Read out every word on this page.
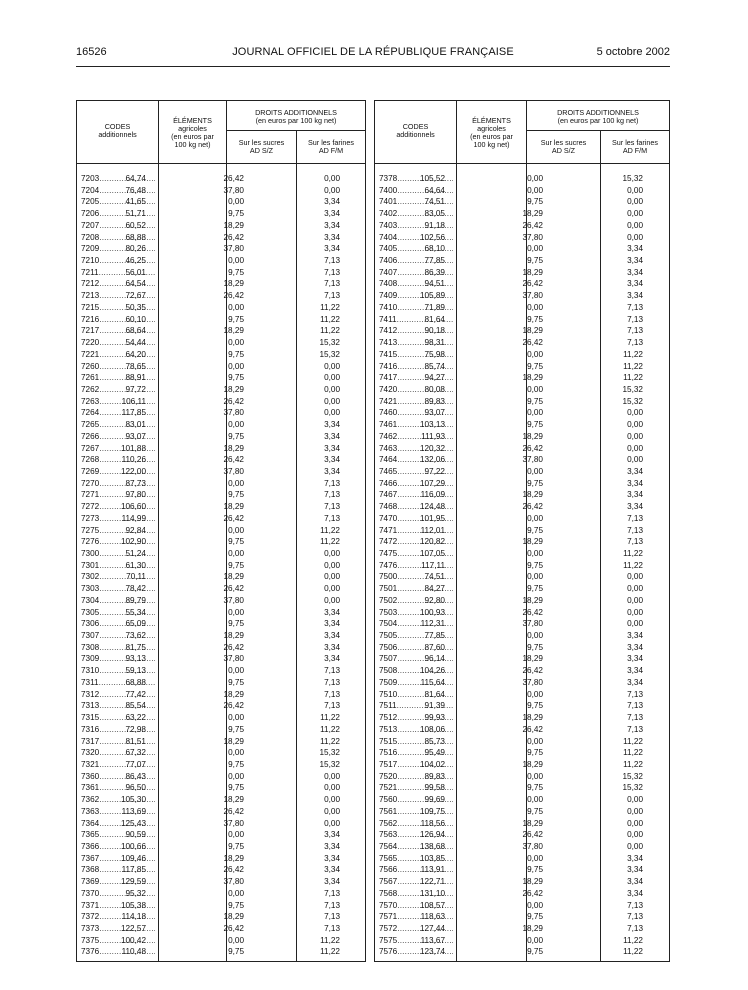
16526	JOURNAL OFFICIEL DE LA RÉPUBLIQUE FRANÇAISE	5 octobre 2002
CODES
additionnels
ÉLÉMENTS
agricoles
(en euros par
100 kg net)
DROITS ADDITIONNELS
(en euros par 100 kg net)
Sur les sucres
AD S/Z
Sur les farines
AD F/M
7203 .....	64,74	26,42	0,00
7204 .....	76,48	37,80	0,00
7205 .....	41,65	0,00	3,34
7206 .....	51,71	9,75	3,34
7207 .....	60,52	18,29	3,34
7208 .....	68,88	26,42	3,34
7209 .....	80,26	37,80	3,34
7210 .....	46,25	0,00	7,13
7211 .....	56,01	9,75	7,13
7212 .....	64,54	18,29	7,13
7213 .....	72,67	26,42	7,13
7215 .....	50,35	0,00	11,22
7216 .....	60,10	9,75	11,22
7217 .....	68,64	18,29	11,22
7220 .....	54,44	0,00	15,32
7221 .....	64,20	9,75	15,32
7260 .....	78,65	0,00	0,00
7261 .....	88,91	9,75	0,00
7262 .....	97,72	18,29	0,00
7263 .....	106,11	26,42	0,00
7264 .....	117,85	37,80	0,00
7265 .....	83,01	0,00	3,34
7266 .....	93,07	9,75	3,34
7267 .....	101,88	18,29	3,34
7268 .....	110,26	26,42	3,34
7269 .....	122,00	37,80	3,34
7270 .....	87,73	0,00	7,13
7271 .....	97,80	9,75	7,13
7272 .....	106,60	18,29	7,13
7273 .....	114,99	26,42	7,13
7275 .....	92,84	0,00	11,22
7276 .....	102,90	9,75	11,22
7300 .....	51,24	0,00	0,00
7301 .....	61,30	9,75	0,00
7302 .....	70,11	18,29	0,00
7303 .....	78,42	26,42	0,00
7304 .....	89,79	37,80	0,00
7305 .....	55,34	0,00	3,34
7306 .....	65,09	9,75	3,34
7307 .....	73,62	18,29	3,34
7308 .....	81,75	26,42	3,34
7309 .....	93,13	37,80	3,34
7310 .....	59,13	0,00	7,13
7311 .....	68,88	9,75	7,13
7312 .....	77,42	18,29	7,13
7313 .....	85,54	26,42	7,13
7315 .....	63,22	0,00	11,22
7316 .....	72,98	9,75	11,22
7317 .....	81,51	18,29	11,22
7320 .....	67,32	0,00	15,32
7321 .....	77,07	9,75	15,32
7360 .....	86,43	0,00	0,00
7361 .....	96,50	9,75	0,00
7362 .....	105,30	18,29	0,00
7363 .....	113,69	26,42	0,00
7364 .....	125,43	37,80	0,00
7365 .....	90,59	0,00	3,34
7366 .....	100,66	9,75	3,34
7367 .....	109,46	18,29	3,34
7368 .....	117,85	26,42	3,34
7369 .....	129,59	37,80	3,34
7370 .....	95,32	0,00	7,13
7371 .....	105,38	9,75	7,13
7372 .....	114,18	18,29	7,13
7373 .....	122,57	26,42	7,13
7375 .....	100,42	0,00	11,22
7376 .....	110,48	9,75	11,22
CODES
additionnels
ÉLÉMENTS
agricoles
(en euros par
100 kg net)
DROITS ADDITIONNELS
(en euros par 100 kg net)
Sur les sucres
AD S/Z
Sur les farines
AD F/M
7378 .....	105,52	0,00	15,32
7400 .....	64,64	0,00	0,00
7401 .....	74,51	9,75	0,00
7402 .....	83,05	18,29	0,00
7403 .....	91,18	26,42	0,00
7404 .....	102,56	37,80	0,00
7405 .....	68,10	0,00	3,34
7406 .....	77,85	9,75	3,34
7407 .....	86,39	18,29	3,34
7408 .....	94,51	26,42	3,34
7409 .....	105,89	37,80	3,34
7410 .....	71,89	0,00	7,13
7411 .....	81,64	9,75	7,13
7412 .....	90,18	18,29	7,13
7413 .....	98,31	26,42	7,13
7415 .....	75,98	0,00	11,22
7416 .....	85,74	9,75	11,22
7417 .....	94,27	18,29	11,22
7420 .....	80,08	0,00	15,32
7421 .....	89,83	9,75	15,32
7460 .....	93,07	0,00	0,00
7461 .....	103,13	9,75	0,00
7462 .....	111,93	18,29	0,00
7463 .....	120,32	26,42	0,00
7464 .....	132,06	37,80	0,00
7465 .....	97,22	0,00	3,34
7466 .....	107,29	9,75	3,34
7467 .....	116,09	18,29	3,34
7468 .....	124,48	26,42	3,34
7470 .....	101,95	0,00	7,13
7471 .....	112,01	9,75	7,13
7472 .....	120,82	18,29	7,13
7475 .....	107,05	0,00	11,22
7476 .....	117,11	9,75	11,22
7500 .....	74,51	0,00	0,00
7501 .....	84,27	9,75	0,00
7502 .....	92,80	18,29	0,00
7503 .....	100,93	26,42	0,00
7504 .....	112,31	37,80	0,00
7505 .....	77,85	0,00	3,34
7506 .....	87,60	9,75	3,34
7507 .....	96,14	18,29	3,34
7508 .....	104,26	26,42	3,34
7509 .....	115,64	37,80	3,34
7510 .....	81,64	0,00	7,13
7511 .....	91,39	9,75	7,13
7512 .....	99,93	18,29	7,13
7513 .....	108,06	26,42	7,13
7515 .....	85,73	0,00	11,22
7516 .....	95,49	9,75	11,22
7517 .....	104,02	18,29	11,22
7520 .....	89,83	0,00	15,32
7521 .....	99,58	9,75	15,32
7560 .....	99,69	0,00	0,00
7561 .....	109,75	9,75	0,00
7562 .....	118,56	18,29	0,00
7563 .....	126,94	26,42	0,00
7564 .....	138,68	37,80	0,00
7565 .....	103,85	0,00	3,34
7566 .....	113,91	9,75	3,34
7567 .....	122,71	18,29	3,34
7568 .....	131,10	26,42	3,34
7570 .....	108,57	0,00	7,13
7571 .....	118,63	9,75	7,13
7572 .....	127,44	18,29	7,13
7575 .....	113,67	0,00	11,22
7576 .....	123,74	9,75	11,22
